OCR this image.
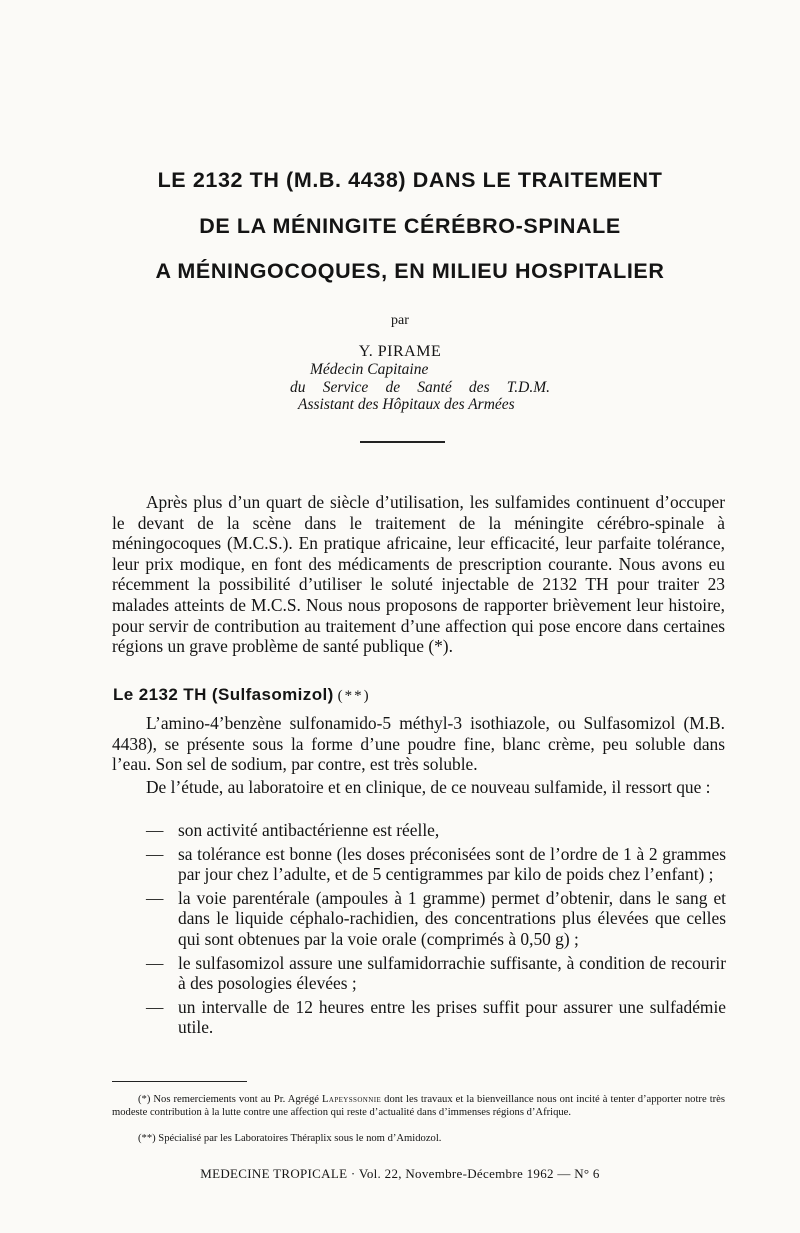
LE 2132 TH (M.B. 4438) DANS LE TRAITEMENT
DE LA MÉNINGITE CÉRÉBRO-SPINALE
A MÉNINGOCOQUES, EN MILIEU HOSPITALIER
par
Y. PIRAME
Médecin Capitaine
du Service de Santé des T.D.M.
Assistant des Hôpitaux des Armées

Après plus d’un quart de siècle d’utilisation, les sulfamides continuent d’occuper le devant de la scène dans le traitement de la méningite cérébro-spinale à méningocoques (M.C.S.). En pratique africaine, leur efficacité, leur parfaite tolérance, leur prix modique, en font des médicaments de prescription courante. Nous avons eu récemment la possibilité d’utiliser le soluté injectable de 2132 TH pour traiter 23 malades atteints de M.C.S. Nous nous proposons de rapporter brièvement leur histoire, pour servir de contribution au traitement d’une affection qui pose encore dans certaines régions un grave problème de santé publique (*).

Le 2132 TH (Sulfasomizol) (**)

L’amino-4’benzène sulfonamido-5 méthyl-3 isothiazole, ou Sulfasomizol (M.B. 4438), se présente sous la forme d’une poudre fine, blanc crème, peu soluble dans l’eau. Son sel de sodium, par contre, est très soluble.

De l’étude, au laboratoire et en clinique, de ce nouveau sulfamide, il ressort que :

— son activité antibactérienne est réelle,
— sa tolérance est bonne (les doses préconisées sont de l’ordre de 1 à 2 grammes par jour chez l’adulte, et de 5 centigrammes par kilo de poids chez l’enfant) ;
— la voie parentérale (ampoules à 1 gramme) permet d’obtenir, dans le sang et dans le liquide céphalo-rachidien, des concentrations plus élevées que celles qui sont obtenues par la voie orale (comprimés à 0,50 g) ;
— le sulfasomizol assure une sulfamidorrachie suffisante, à condition de recourir à des posologies élevées ;
— un intervalle de 12 heures entre les prises suffit pour assurer une sulfadémie utile.

(*) Nos remerciements vont au Pr. Agrégé Lapeyssonnie dont les travaux et la bienveillance nous ont incité à tenter d’apporter notre très modeste contribution à la lutte contre une affection qui reste d’actualité dans d’immenses régions d’Afrique.

(**) Spécialisé par les Laboratoires Théraplix sous le nom d’Amidozol.

MEDECINE TROPICALE · Vol. 22, Novembre-Décembre 1962 — N° 6
